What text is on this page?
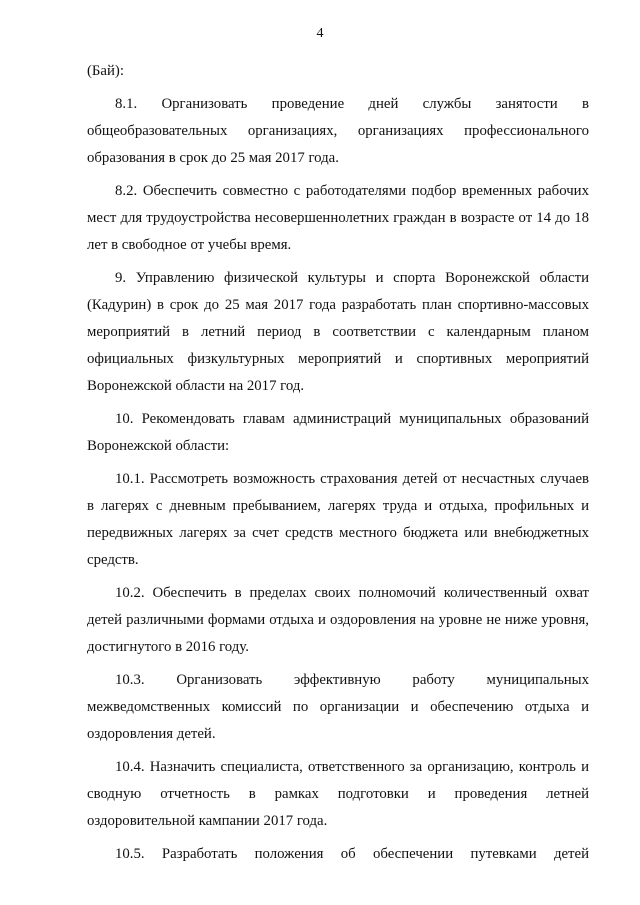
4

(Бай):

8.1. Организовать проведение дней службы занятости в общеобразовательных организациях, организациях профессионального образования в срок до 25 мая 2017 года.

8.2. Обеспечить совместно с работодателями подбор временных рабочих мест для трудоустройства несовершеннолетних граждан в возрасте от 14 до 18 лет в свободное от учебы время.

9. Управлению физической культуры и спорта Воронежской области (Кадурин) в срок до 25 мая 2017 года разработать план спортивно-массовых мероприятий в летний период в соответствии с календарным планом официальных физкультурных мероприятий и спортивных мероприятий Воронежской области на 2017 год.

10. Рекомендовать главам администраций муниципальных образований Воронежской области:

10.1. Рассмотреть возможность страхования детей от несчастных случаев в лагерях с дневным пребыванием, лагерях труда и отдыха, профильных и передвижных лагерях за счет средств местного бюджета или внебюджетных средств.

10.2. Обеспечить в пределах своих полномочий количественный охват детей различными формами отдыха и оздоровления на уровне не ниже уровня, достигнутого в 2016 году.

10.3. Организовать эффективную работу муниципальных межведомственных комиссий по организации и обеспечению отдыха и оздоровления детей.

10.4. Назначить специалиста, ответственного за организацию, контроль и сводную отчетность в рамках подготовки и проведения летней оздоровительной кампании 2017 года.

10.5. Разработать положения об обеспечении путевками детей
